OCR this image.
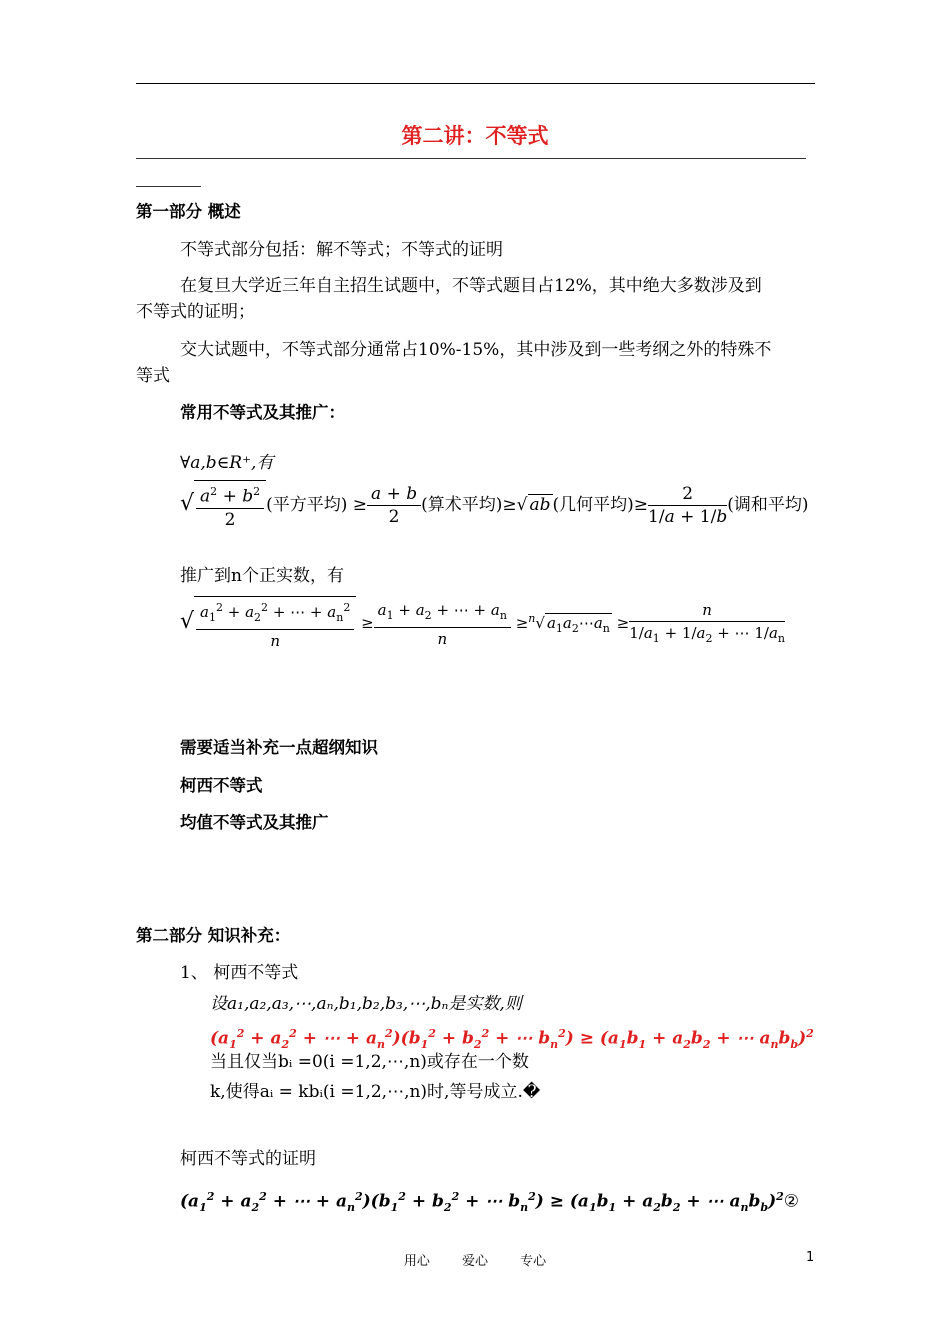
第二讲：不等式
第一部分 概述
不等式部分包括：解不等式；不等式的证明
在复旦大学近三年自主招生试题中，不等式题目占12%，其中绝大多数涉及到
不等式的证明；
交大试题中，不等式部分通常占10%-15%，其中涉及到一些考纲之外的特殊不
等式
常用不等式及其推广：
∀a,b∈R⁺,有
√ $\frac{a^2 + b^2}{2}$ (平方平均) ≥ $\frac{a + b}{2}$ (算术平均)≥√ ab (几何平均)≥ $\frac{2}{1/a + 1/b}$ (调和平均)
推广到n个正实数，有
√ $\frac{a_1^2 + a_2^2 + \cdots + a_n^2}{n} \ge \frac{a_1 + a_2 + \cdots + a_n}{n} \ge^n√$ $a_1a_2\cdots a_n \ge \frac{n}{1/a_1 + 1/a_2 + \cdots 1/a_n}$
需要适当补充一点超纲知识
柯西不等式
均值不等式及其推广
第二部分 知识补充：
1、 柯西不等式
设a₁,a₂,a₃,⋯,aₙ,b₁,b₂,b₃,⋯,bₙ是实数,则
($a_1^2 + a_2^2$ + ⋯ + $a_n^2)(b_1^2 + b_2^2$ + ⋯ $b_n^2) \ge (a_1b_1 + a_2b_2$ + ⋯ $a_nb_b)^2$
当且仅当bᵢ =0(i =1,2,⋯,n)或存在一个数
k,使得aᵢ = kbᵢ(i =1,2,⋯,n)时,等号成立.�
柯西不等式的证明
($a_1^2 + a_2^2$ + ⋯ + $a_n^2)(b_1^2 + b_2^2$ + ⋯ $b_n^2) \ge (a_1b_1 + a_2b_2$ + ⋯ $a_nb_b)^2②$
用心 爱心 专心	1
